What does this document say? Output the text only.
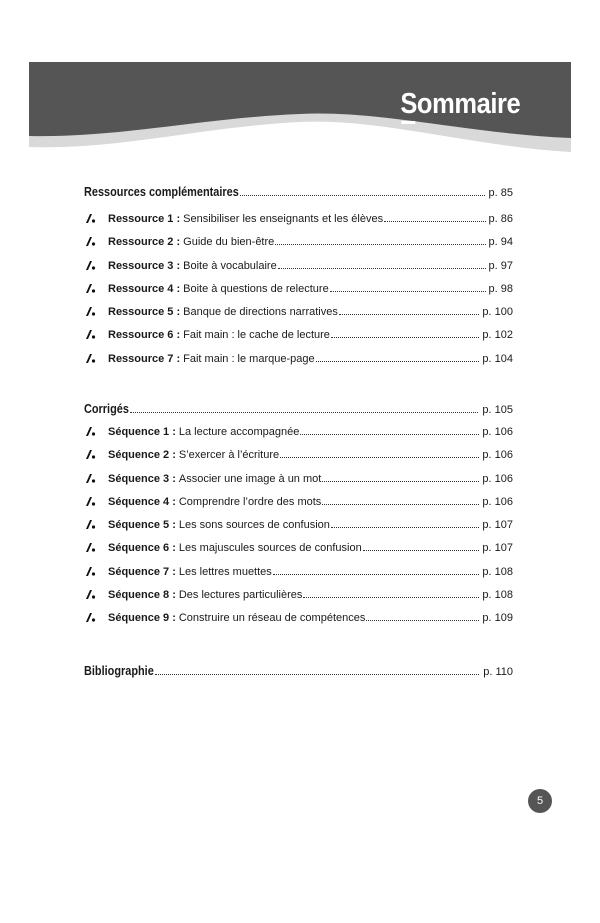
Sommaire
Ressources complémentaires	p. 85
Ressource 1 : Sensibiliser les enseignants et les élèves	p. 86
Ressource 2 : Guide du bien-être	p. 94
Ressource 3 : Boite à vocabulaire	p. 97
Ressource 4 : Boite à questions de relecture	p. 98
Ressource 5 : Banque de directions narratives	p. 100
Ressource 6 : Fait main : le cache de lecture	p. 102
Ressource 7 : Fait main : le marque-page	p. 104
Corrigés	p. 105
Séquence 1 : La lecture accompagnée	p. 106
Séquence 2 : S’exercer à l’écriture	p. 106
Séquence 3 : Associer une image à un mot	p. 106
Séquence 4 : Comprendre l’ordre des mots	p. 106
Séquence 5 : Les sons sources de confusion	p. 107
Séquence 6 : Les majuscules sources de confusion	p. 107
Séquence 7 : Les lettres muettes	p. 108
Séquence 8 : Des lectures particulières	p. 108
Séquence 9 : Construire un réseau de compétences	p. 109
Bibliographie	p. 110
5
